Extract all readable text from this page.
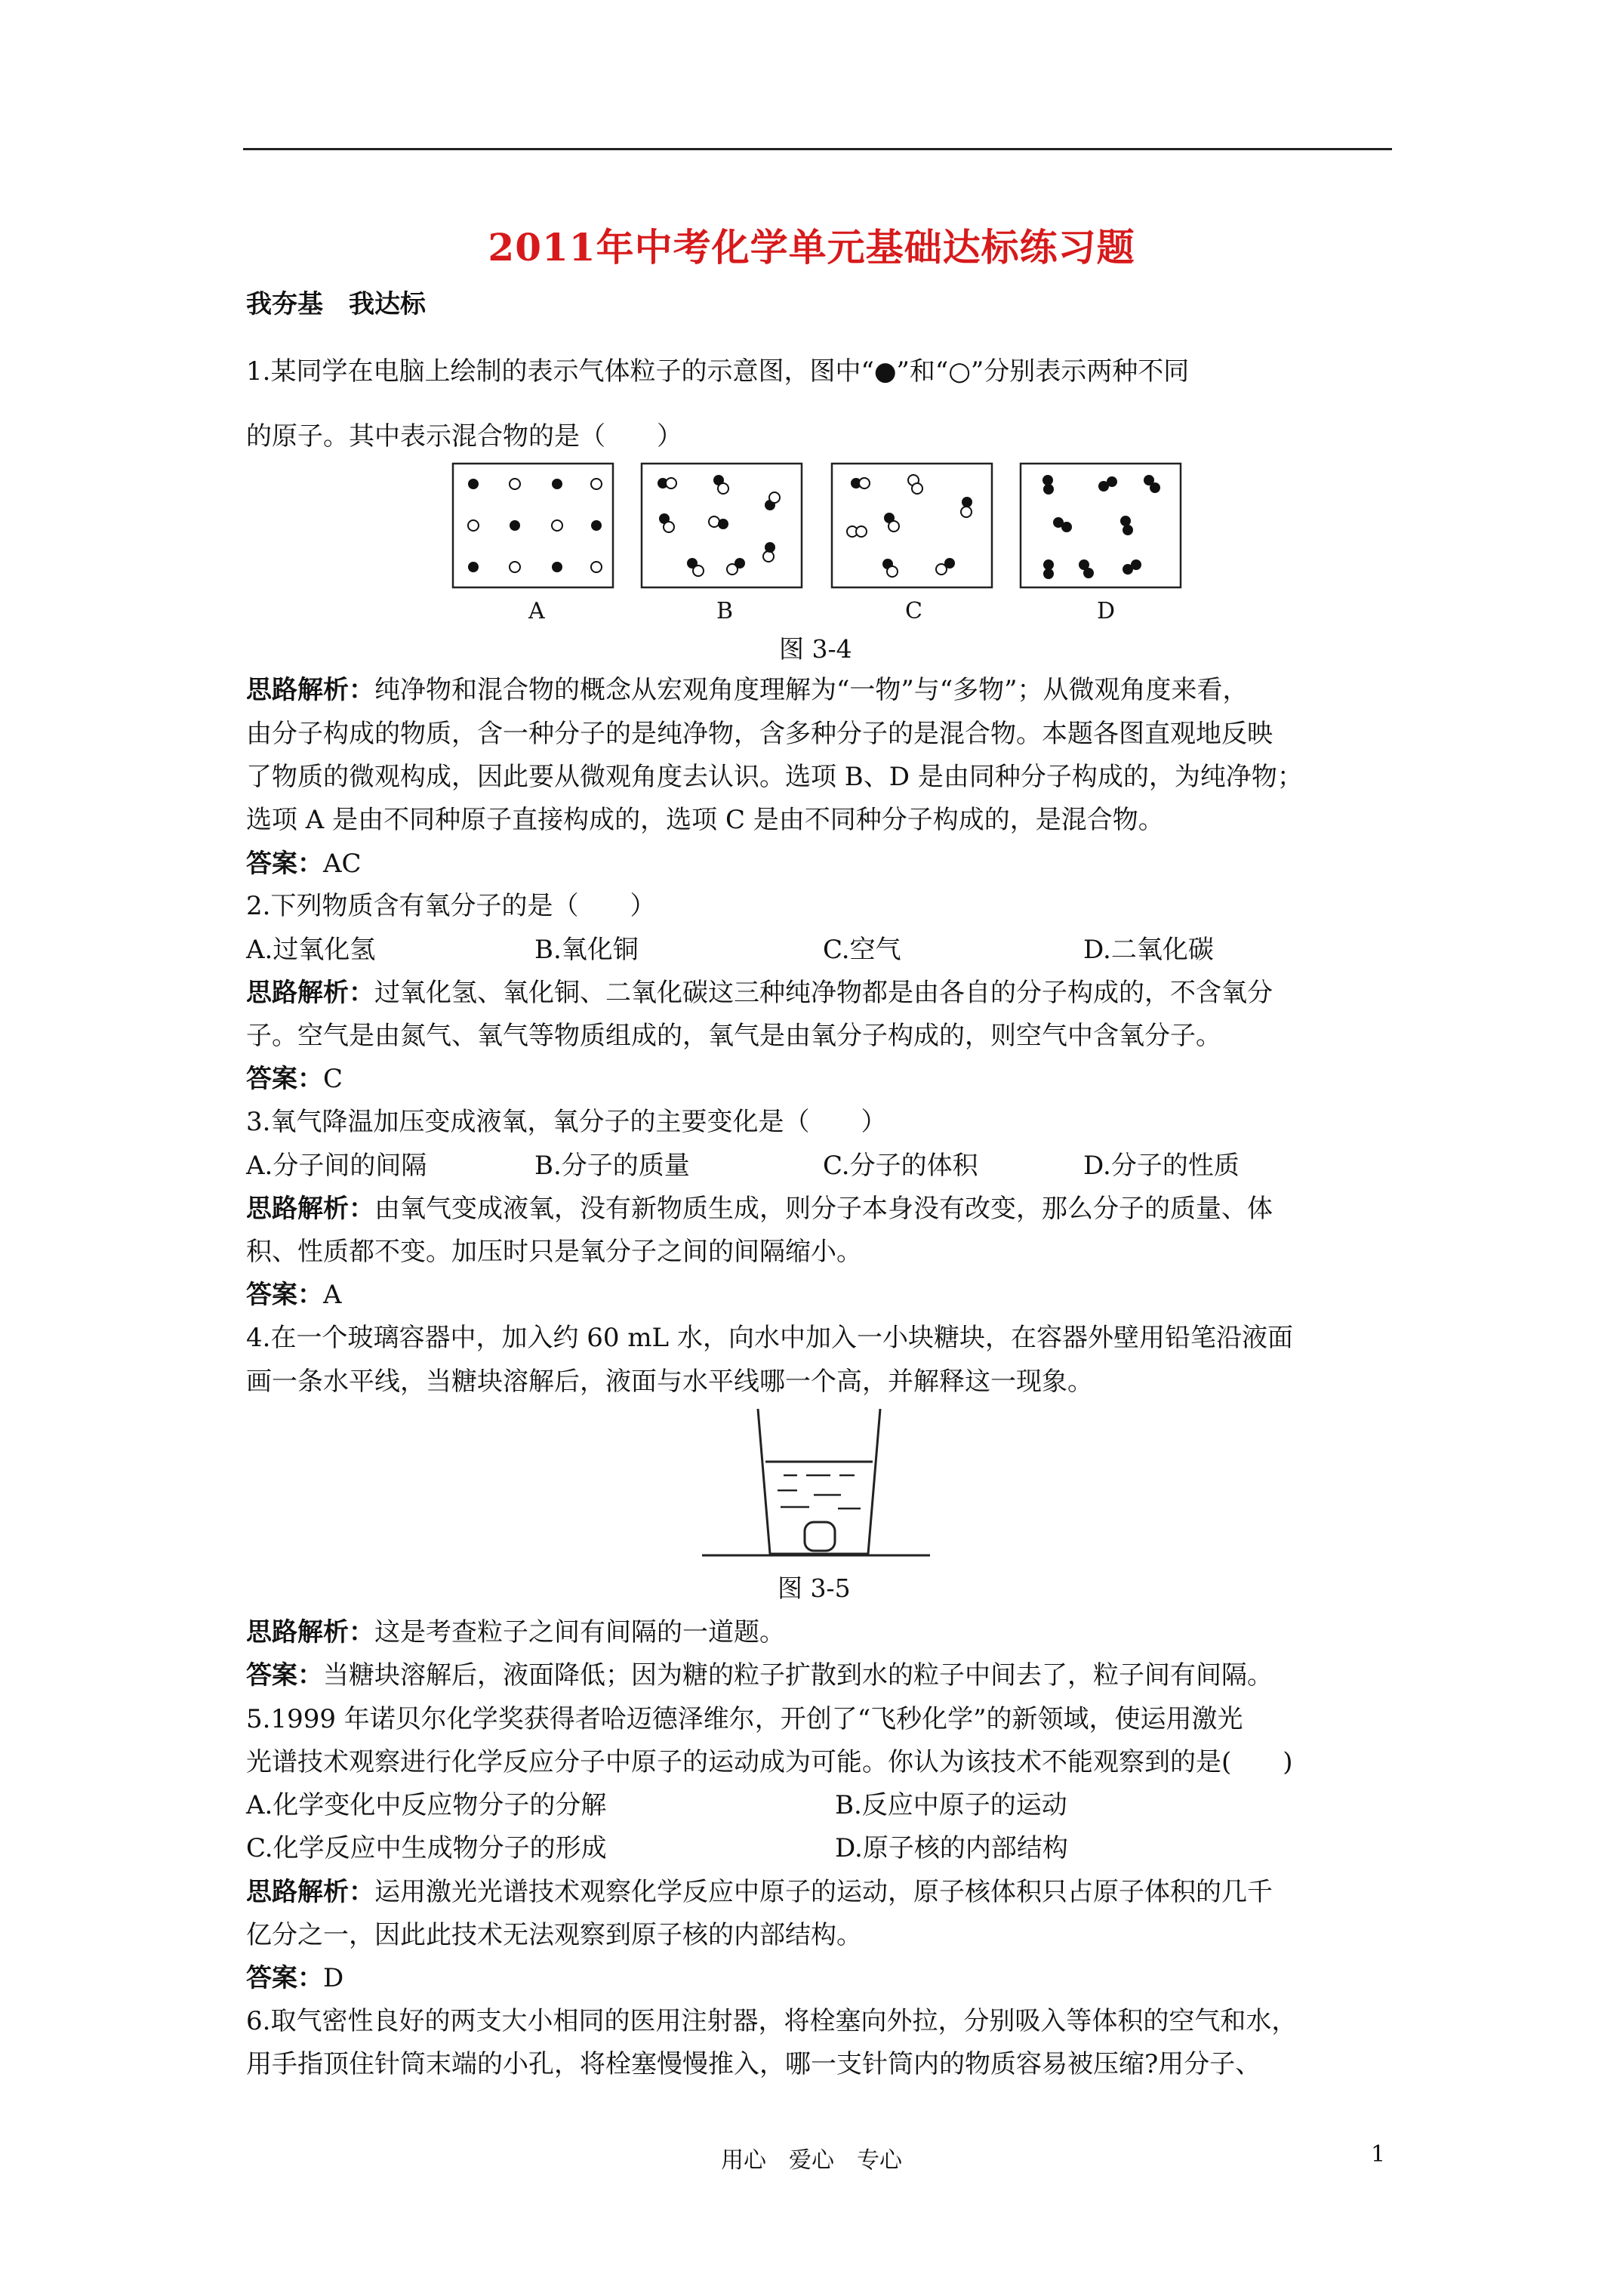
2011年中考化学单元基础达标练习题
我夯基　我达标
1.某同学在电脑上绘制的表示气体粒子的示意图，图中“●”和“○”分别表示两种不同
的原子。其中表示混合物的是（　　）
A	B	C	D
图 3-4
思路解析：纯净物和混合物的概念从宏观角度理解为“一物”与“多物”；从微观角度来看，
由分子构成的物质，含一种分子的是纯净物，含多种分子的是混合物。本题各图直观地反映
了物质的微观构成，因此要从微观角度去认识。选项 B、D 是由同种分子构成的，为纯净物；
选项 A 是由不同种原子直接构成的，选项 C 是由不同种分子构成的，是混合物。
答案：AC
2.下列物质含有氧分子的是（　　）
A.过氧化氢	B.氧化铜	C.空气	D.二氧化碳
思路解析：过氧化氢、氧化铜、二氧化碳这三种纯净物都是由各自的分子构成的，不含氧分
子。空气是由氮气、氧气等物质组成的，氧气是由氧分子构成的，则空气中含氧分子。
答案：C
3.氧气降温加压变成液氧，氧分子的主要变化是（　　）
A.分子间的间隔	B.分子的质量	C.分子的体积	D.分子的性质
思路解析：由氧气变成液氧，没有新物质生成，则分子本身没有改变，那么分子的质量、体
积、性质都不变。加压时只是氧分子之间的间隔缩小。
答案：A
4.在一个玻璃容器中，加入约 60 mL 水，向水中加入一小块糖块，在容器外壁用铅笔沿液面
画一条水平线，当糖块溶解后，液面与水平线哪一个高，并解释这一现象。
图 3-5
思路解析：这是考查粒子之间有间隔的一道题。
答案：当糖块溶解后，液面降低；因为糖的粒子扩散到水的粒子中间去了，粒子间有间隔。
5.1999 年诺贝尔化学奖获得者哈迈德泽维尔，开创了“飞秒化学”的新领域，使运用激光
光谱技术观察进行化学反应分子中原子的运动成为可能。你认为该技术不能观察到的是(　　)
A.化学变化中反应物分子的分解	B.反应中原子的运动
C.化学反应中生成物分子的形成	D.原子核的内部结构
思路解析：运用激光光谱技术观察化学反应中原子的运动，原子核体积只占原子体积的几千
亿分之一，因此此技术无法观察到原子核的内部结构。
答案：D
6.取气密性良好的两支大小相同的医用注射器，将栓塞向外拉，分别吸入等体积的空气和水，
用手指顶住针筒末端的小孔，将栓塞慢慢推入，哪一支针筒内的物质容易被压缩?用分子、
用心　爱心　专心	1
